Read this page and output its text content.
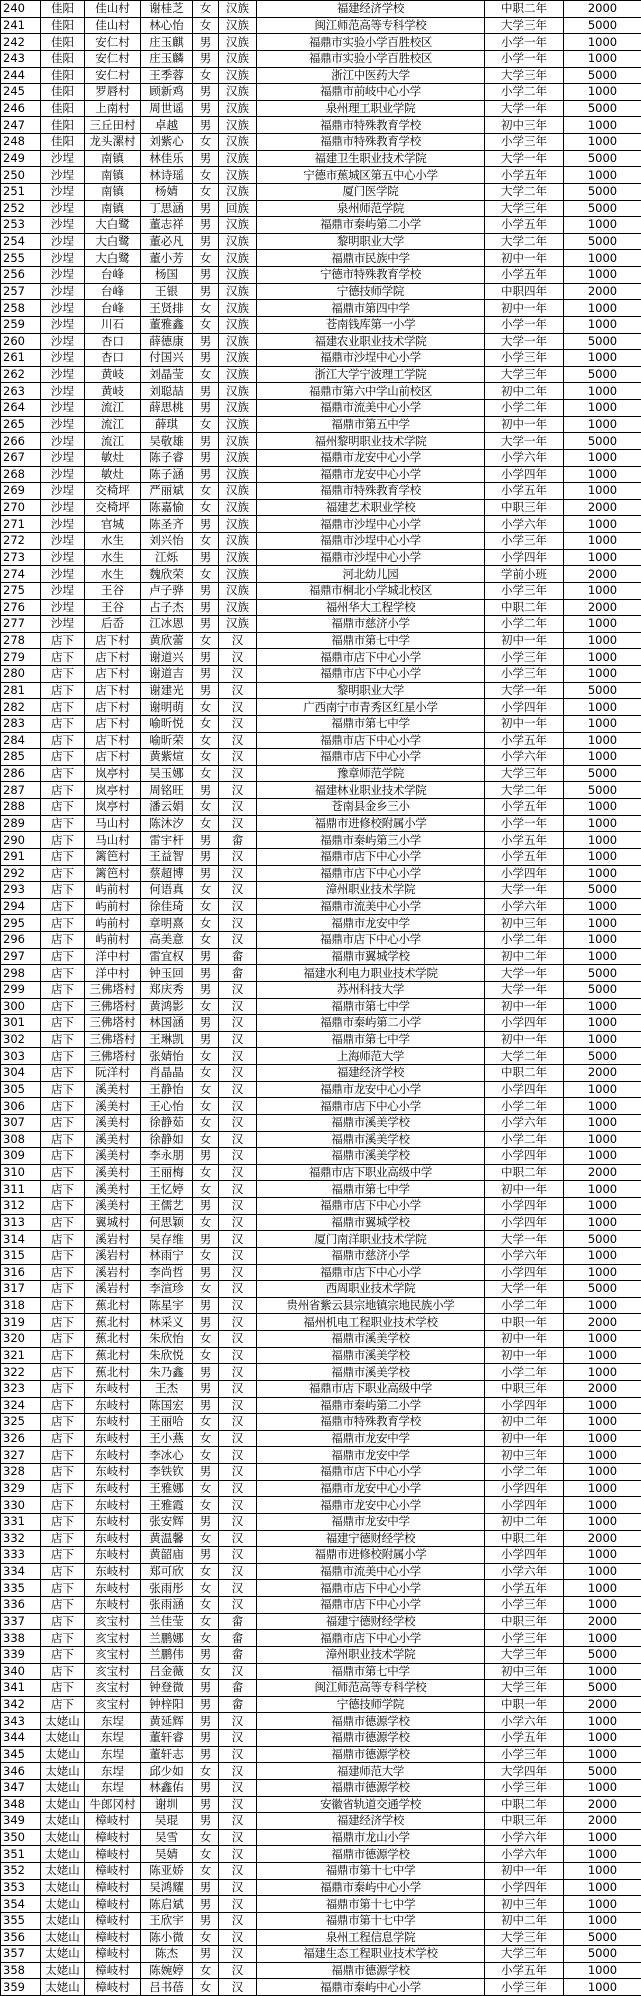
240	佳阳	佳山村	谢桂芝	女	汉族	福建经济学校	中职二年	2000
241	佳阳	佳山村	林心怡	女	汉族	闽江师范高等专科学校	大学三年	5000
242	佳阳	安仁村	庄玉麒	男	汉族	福鼎市实验小学百胜校区	小学一年	1000
243	佳阳	安仁村	庄玉麟	男	汉族	福鼎市实验小学百胜校区	小学一年	1000
244	佳阳	安仁村	王季蓉	女	汉族	浙江中医药大学	大学三年	5000
245	佳阳	罗唇村	顾新鸡	男	汉族	福鼎市前岐中心小学	小学二年	1000
246	佳阳	上南村	周世谣	男	汉族	泉州理工职业学院	大学一年	5000
247	佳阳	三丘田村	卓越	男	汉族	福鼎市特殊教育学校	初中三年	1000
248	佳阳	龙头漯村	刘紫心	女	汉族	福鼎市特殊教育学校	小学三年	1000
249	沙埕	南镇	林佳乐	男	汉族	福建卫生职业技术学院	大学一年	5000
250	沙埕	南镇	林诗瑶	女	汉族	宁德市蕉城区第五中心小学	小学五年	1000
251	沙埕	南镇	杨婧	女	汉族	厦门医学院	大学二年	5000
252	沙埕	南镇	丁思涵	男	回族	泉州师范学院	大学三年	5000
253	沙埕	大白鹭	董志祥	男	汉族	福鼎市秦屿第二小学	小学五年	1000
254	沙埕	大白鹭	董必凡	男	汉族	黎明职业大学	大学二年	5000
255	沙埕	大白鹭	董小芳	女	汉族	福鼎市民族中学	初中一年	1000
256	沙埕	台峰	杨国	男	汉族	宁德市特殊教育学校	小学五年	1000
257	沙埕	台峰	王银	男	汉族	宁德技师学院	中职四年	2000
258	沙埕	台峰	王贤排	女	汉族	福鼎市第四中学	初中一年	1000
259	沙埕	川石	董雅鑫	女	汉族	苍南钱库第一小学	小学一年	1000
260	沙埕	杏口	薛德康	男	汉族	福建农业职业技术学院	大学一年	5000
261	沙埕	杏口	付国兴	男	汉族	福鼎市沙埕中心小学	小学三年	1000
262	沙埕	黄岐	刘晶莹	女	汉族	浙江大学宁波理工学院	大学三年	5000
263	沙埕	黄岐	刘聪喆	男	汉族	福鼎市第六中学山前校区	初中二年	1000
264	沙埕	流江	薛思桃	男	汉族	福鼎市流美中心小学	小学二年	1000
265	沙埕	流江	薛琪	女	汉族	福鼎市第五中学	初中一年	1000
266	沙埕	流江	吴敬雄	男	汉族	福州黎明职业技术学院	大学一年	5000
267	沙埕	敏灶	陈子睿	男	汉族	福鼎市龙安中心小学	小学六年	1000
268	沙埕	敏灶	陈子涵	男	汉族	福鼎市龙安中心小学	小学四年	1000
269	沙埕	交椅坪	严丽斌	女	汉族	福鼎市特殊教育学校	小学五年	1000
270	沙埕	交椅坪	陈嘉愉	女	汉族	福建艺术职业学校	中职三年	2000
271	沙埕	官城	陈圣齐	男	汉族	福鼎市沙埕中心小学	小学六年	1000
272	沙埕	水生	刘兴怡	女	汉族	福鼎市沙埕中心小学	小学三年	1000
273	沙埕	水生	江烁	男	汉族	福鼎市沙埕中心小学	小学四年	1000
274	沙埕	水生	魏欣荣	女	汉族	河北幼儿园	学前小班	2000
275	沙埕	王谷	卢子骅	男	汉族	福鼎市桐北小学城北校区	小学三年	1000
276	沙埕	王谷	占子杰	男	汉族	福州华大工程学校	中职二年	2000
277	沙埕	后岙	江冰恩	男	汉族	福鼎市慈济小学	小学二年	1000
278	店下	店下村	黄欣蕾	女	汉	福鼎市第七中学	初中一年	1000
279	店下	店下村	谢道兴	男	汉	福鼎市店下中心小学	小学三年	1000
280	店下	店下村	谢道吉	男	汉	福鼎市店下中心小学	小学三年	1000
281	店下	店下村	谢建光	男	汉	黎明职业大学	大学一年	5000
282	店下	店下村	谢明萌	女	汉	广西南宁市青秀区红星小学	小学四年	1000
283	店下	店下村	喻昕悦	女	汉	福鼎市第七中学	初中一年	1000
284	店下	店下村	喻昕荣	女	汉	福鼎市店下中心小学	小学五年	1000
285	店下	店下村	黄紫煊	女	汉	福鼎市店下中心小学	小学六年	1000
286	店下	岚亭村	吴玉娜	女	汉	豫章师范学院	大学三年	5000
287	店下	岚亭村	周铭旺	男	汉	福建林业职业技术学院	大学二年	5000
288	店下	岚亭村	潘云娟	女	汉	苍南县金乡三小	小学五年	1000
289	店下	马山村	陈沐汐	女	汉	福鼎市进修校附属小学	小学一年	1000
290	店下	马山村	雷宇杆	男	畲	福鼎市秦屿第三小学	小学五年	1000
291	店下	篱笆村	王益智	男	汉	福鼎市店下中心小学	小学五年	1000
292	店下	篱笆村	蔡超博	男	汉	福鼎市店下中心小学	小学四年	1000
293	店下	屿前村	何语真	女	汉	漳州职业技术学院	大学一年	5000
294	店下	屿前村	徐佳琦	女	汉	福鼎市流美中心小学	小学六年	1000
295	店下	屿前村	章明熹	女	汉	福鼎市龙安中学	初中三年	1000
296	店下	屿前村	高美意	女	汉	福鼎市店下中心小学	小学二年	1000
297	店下	洋中村	雷宜权	男	畲	福鼎市翼城学校	初中二年	1000
298	店下	洋中村	钟玉回	男	畲	福建水利电力职业技术学院	大学一年	5000
299	店下	三佛塔村	郑庆秀	男	汉	苏州科技大学	大学一年	5000
300	店下	三佛塔村	黄鸿影	女	汉	福鼎市第七中学	初中一年	1000
301	店下	三佛塔村	林国涵	男	汉	福鼎市秦屿第二小学	小学四年	1000
302	店下	三佛塔村	王琳凯	男	汉	福鼎市第七中学	初中一年	1000
303	店下	三佛塔村	张婧怡	女	汉	上海师范大学	大学二年	5000
304	店下	阮洋村	肖晶晶	女	汉	福建经济学校	中职二年	2000
305	店下	溪美村	王静怡	女	汉	福鼎市龙安中心小学	小学四年	1000
306	店下	溪美村	王心怡	女	汉	福鼎市店下中心小学	小学二年	1000
307	店下	溪美村	徐静茹	女	汉	福鼎市溪美学校	小学六年	1000
308	店下	溪美村	徐静如	女	汉	福鼎市溪美学校	小学二年	1000
309	店下	溪美村	李永朋	男	汉	福鼎市溪美学校	小学四年	1000
310	店下	溪美村	王丽梅	女	汉	福鼎市店下职业高级中学	中职二年	2000
311	店下	溪美村	王忆婷	女	汉	福鼎市第七中学	初中一年	1000
312	店下	溪美村	王儒艺	男	汉	福鼎市店下中心小学	小学四年	1000
313	店下	翼城村	何思颖	女	汉	福鼎市翼城学校	小学四年	1000
314	店下	溪岩村	吴存维	男	汉	厦门南洋职业技术学院	大学一年	5000
315	店下	溪岩村	林雨宁	女	汉	福鼎市慈济小学	小学六年	1000
316	店下	溪岩村	李尚哲	男	汉	福鼎市店下中心小学	小学四年	1000
317	店下	溪岩村	李渲珍	女	汉	西周职业技术学院	大学一年	5000
318	店下	蕉北村	陈星宇	男	汉	贵州省紫云县宗地镇宗地民族小学	小学二年	1000
319	店下	蕉北村	林采义	男	汉	福州机电工程职业技术学校	中职一年	2000
320	店下	蕉北村	朱欣怡	女	汉	福鼎市溪美学校	初中一年	1000
321	店下	蕉北村	朱欣悦	女	汉	福鼎市溪美学校	初中一年	1000
322	店下	蕉北村	朱乃鑫	男	汉	福鼎市溪美学校	小学二年	1000
323	店下	东岐村	王杰	男	汉	福鼎市店下职业高级中学	中职三年	2000
324	店下	东岐村	陈国宏	男	汉	福鼎市秦屿第二小学	小学四年	1000
325	店下	东岐村	王丽哈	女	汉	福鼎市特殊教育学校	初中二年	1000
326	店下	东岐村	王小燕	女	汉	福鼎市龙安中学	初中一年	1000
327	店下	东岐村	李冰心	女	汉	福鼎市龙安中学	初中三年	1000
328	店下	东岐村	李铁钦	男	汉	福鼎市店下中心小学	小学二年	1000
329	店下	东岐村	王雅娜	女	汉	福鼎市龙安中心小学	小学四年	1000
330	店下	东岐村	王雅霞	女	汉	福鼎市龙安中心小学	小学四年	1000
331	店下	东岐村	张安辉	男	汉	福鼎市龙安中学	初中二年	1000
332	店下	东岐村	黄温馨	女	汉	福建宁德财经学校	中职二年	2000
333	店下	东岐村	黄韶庙	男	汉	福鼎市进修校附属小学	小学四年	1000
334	店下	东岐村	郑可欣	女	汉	福鼎市流美中心小学	小学六年	1000
335	店下	东岐村	张雨彤	女	汉	福鼎市店下中心小学	小学五年	1000
336	店下	东岐村	张雨涵	女	汉	福鼎市店下中心小学	小学三年	1000
337	店下	亥宝村	兰佳莹	女	畲	福建宁德财经学校	中职三年	2000
338	店下	亥宝村	兰鹏娜	女	畲	福鼎市店下中心小学	小学三年	1000
339	店下	亥宝村	兰鹏伟	男	畲	漳州职业技术学院	大学三年	5000
340	店下	亥宝村	吕金薇	女	汉	福鼎市第七中学	初中三年	1000
341	店下	亥宝村	钟登微	男	畲	闽江师范高等专科学校	大学三年	5000
342	店下	亥宝村	钟梓阳	男	畲	宁德技师学院	中职一年	2000
343	太姥山	东埕	黄延辉	男	汉	福鼎市德源学校	小学六年	1000
344	太姥山	东埕	董轩睿	男	汉	福鼎市德源学校	小学五年	1000
345	太姥山	东埕	董轩志	男	汉	福鼎市德源学校	小学三年	1000
346	太姥山	东埕	邱少如	女	汉	福建师范大学	大学四年	5000
347	太姥山	东埕	林鑫佑	男	汉	福鼎市德源学校	小学三年	1000
348	太姥山	牛郎冈村	谢圳	男	汉	安徽省轨道交通学校	中职二年	2000
349	太姥山	樟岐村	吴琨	男	汉	福建经济学校	中职三年	2000
350	太姥山	樟岐村	吴雪	女	汉	福鼎市龙山小学	小学六年	1000
351	太姥山	樟岐村	吴婧	女	汉	福鼎市德源学校	小学六年	1000
352	太姥山	樟岐村	陈亚娇	女	汉	福鼎市第十七中学	初中一年	1000
353	太姥山	樟岐村	吴鸿耀	男	汉	福鼎市秦屿中心小学	小学四年	1000
354	太姥山	樟岐村	陈启斌	男	汉	福鼎市第十七中学	初中三年	1000
355	太姥山	樟岐村	王欣宇	男	汉	福鼎市第十七中学	初中二年	1000
356	太姥山	樟岐村	陈小微	女	汉	泉州工程信息学院	大学三年	5000
357	太姥山	樟岐村	陈杰	男	汉	福建生态工程职业技术学校	大学三年	5000
358	太姥山	樟岐村	陈婉婷	女	汉	福鼎市德源学校	小学五年	1000
359	太姥山	樟岐村	吕书蓓	女	汉	福鼎市秦屿中心小学	小学三年	1000
